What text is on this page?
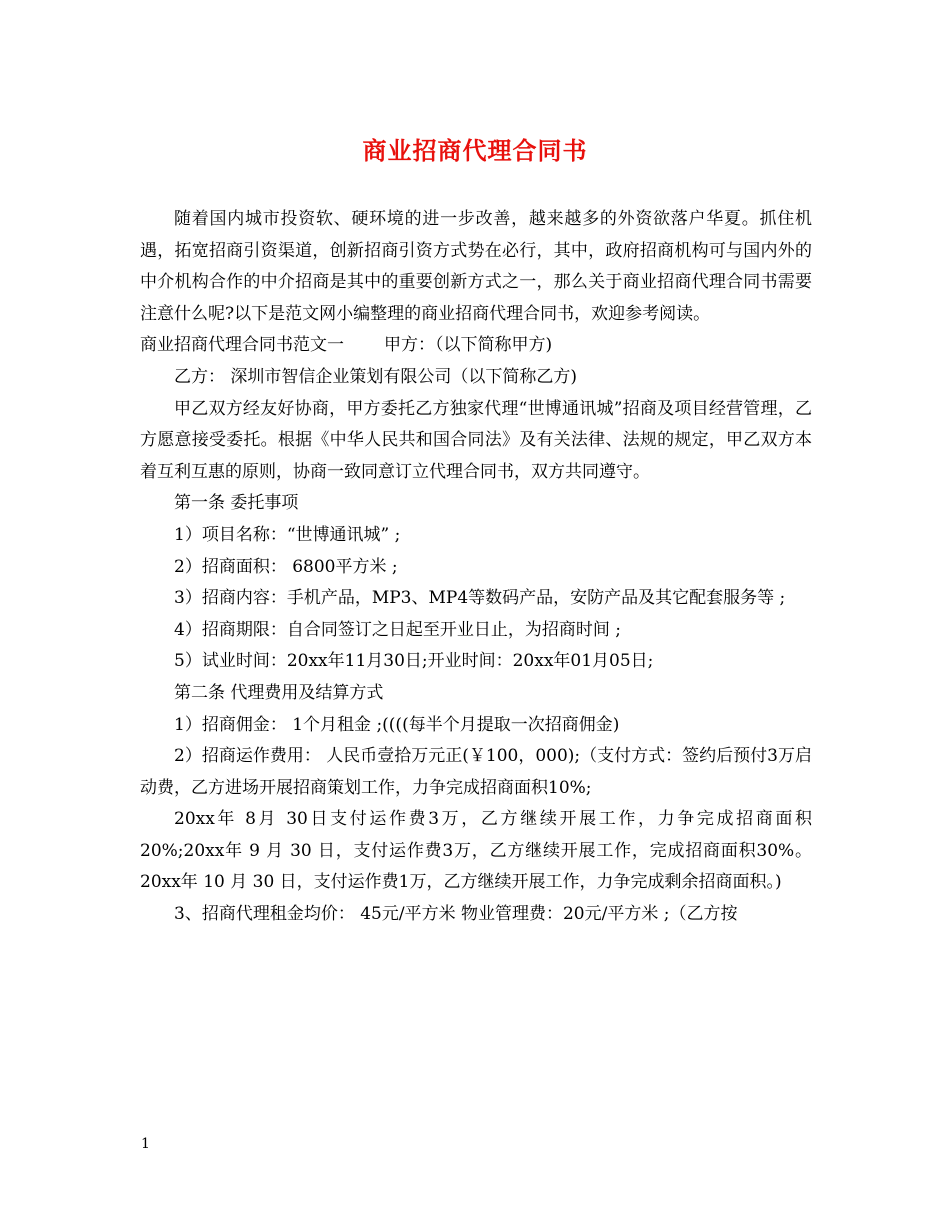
商业招商代理合同书

随着国内城市投资软、硬环境的进一步改善，越来越多的外资欲落户华夏。抓住机遇，拓宽招商引资渠道，创新招商引资方式势在必行，其中，政府招商机构可与国内外的中介机构合作的中介招商是其中的重要创新方式之一，那么关于商业招商代理合同书需要注意什么呢?以下是范文网小编整理的商业招商代理合同书，欢迎参考阅读。

商业招商代理合同书范文一 甲方：（以下简称甲方)

乙方： 深圳市智信企业策划有限公司（以下简称乙方)

甲乙双方经友好协商，甲方委托乙方独家代理“世博通讯城”招商及项目经营管理，乙方愿意接受委托。根据《中华人民共和国合同法》及有关法律、法规的规定，甲乙双方本着互利互惠的原则，协商一致同意订立代理合同书，双方共同遵守。

第一条 委托事项

1）项目名称：“世博通讯城” ;

2）招商面积： 6800平方米 ;

3）招商内容：手机产品，MP3、MP4等数码产品，安防产品及其它配套服务等 ;

4）招商期限：自合同签订之日起至开业日止，为招商时间 ;

5）试业时间：20xx年11月30日;开业时间：20xx年01月05日;

第二条 代理费用及结算方式

1）招商佣金： 1个月租金 ;((((每半个月提取一次招商佣金)

2）招商运作费用： 人民币壹拾万元正(￥100，000);（支付方式：签约后预付3万启动费，乙方进场开展招商策划工作，力争完成招商面积10%;

20xx年 8月 30日支付运作费3万，乙方继续开展工作，力争完成招商面积20%;20xx年 9 月 30 日，支付运作费3万，乙方继续开展工作，完成招商面积30%。 20xx年 10 月 30 日，支付运作费1万，乙方继续开展工作，力争完成剩余招商面积。)

3、招商代理租金均价： 45元/平方米 物业管理费：20元/平方米 ;（乙方按

1
